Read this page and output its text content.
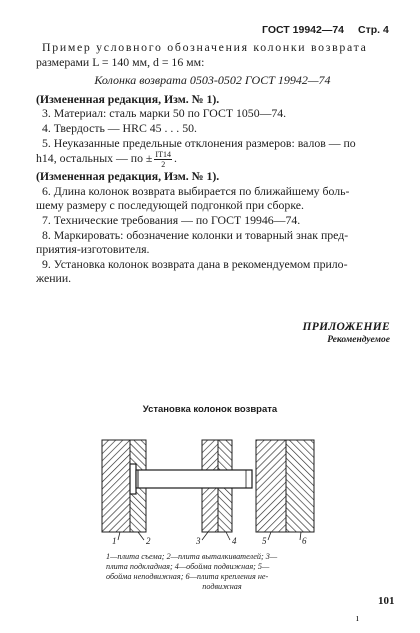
ГОСТ 19942—74 Стр. 4

Пример условного обозначения колонки возврата

размерами L = 140 мм, d = 16 мм:

Колонка возврата 0503-0502 ГОСТ 19942—74

(Измененная редакция, Изм. № 1).

3. Материал: сталь марки 50 по ГОСТ 1050—74.

4. Твердость — HRC 45 . . . 50.

5. Неуказанные предельные отклонения размеров: валов — по

h14, остальных — по ± $\frac{IT14}{2}$ .

(Измененная редакция, Изм. № 1).

6. Длина колонок возврата выбирается по ближайшему боль-

шему размеру с последующей подгонкой при сборке.

7. Технические требования — по ГОСТ 19946—74.

8. Маркировать: обозначение колонки и товарный знак пред-

приятия-изготовителя.

9. Установка колонок возврата дана в рекомендуемом прило-

жении.

ПРИЛОЖЕНИЕ
Рекомендуемое
Установка колонок возврата
1	2	3	4	5	6
1—плита съема; 2—плита выталкивателей; 3—
плита подкладная; 4—обойма подвижная; 5—
обойма неподвижная; 6—плита крепления не-

подвижная
101
ı
